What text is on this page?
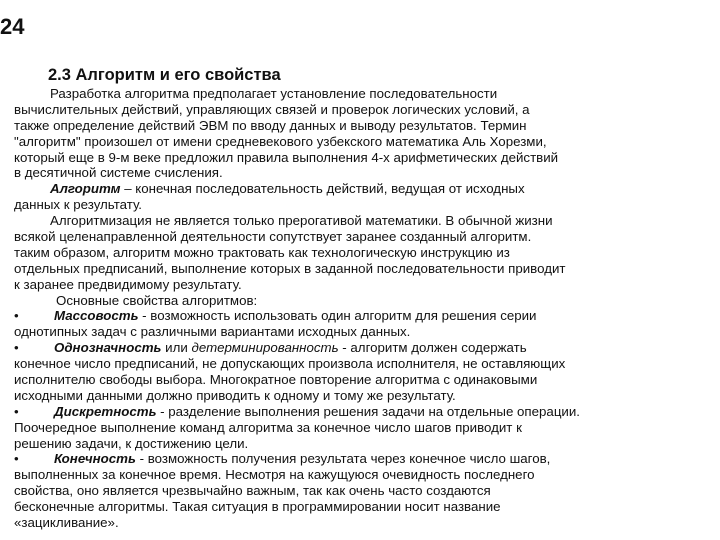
24
2.3 Алгоритм и его свойства
Разработка алгоритма предполагает установление последовательности
вычислительных действий, управляющих связей и проверок логических условий, а
также определение действий ЭВМ по вводу данных и выводу результатов. Термин
"алгоритм" произошел от имени средневекового узбекского математика Аль Хорезми,
который еще в 9-м веке предложил правила выполнения 4-х арифметических действий
в десятичной системе счисления.
Алгоритм – конечная последовательность действий, ведущая от исходных
данных к результату.
Алгоритмизация не является только прерогативой математики. В обычной жизни
всякой целенаправленной деятельности сопутствует заранее созданный алгоритм.
таким образом, алгоритм можно трактовать как технологическую инструкцию из
отдельных предписаний, выполнение которых в заданной последовательности приводит
к заранее предвидимому результату.
Основные свойства алгоритмов:
•	Массовость - возможность использовать один алгоритм для решения серии
однотипных задач с различными вариантами исходных данных.
•	Однозначность или детерминированность - алгоритм должен содержать
конечное число предписаний, не допускающих произвола исполнителя, не оставляющих
исполнителю свободы выбора. Многократное повторение алгоритма с одинаковыми
исходными данными должно приводить к одному и тому же результату.
•	Дискретность - разделение выполнения решения задачи на отдельные операции.
Поочередное выполнение команд алгоритма за конечное число шагов приводит к
решению задачи, к достижению цели.
•	Конечность - возможность получения результата через конечное число шагов,
выполненных за конечное время. Несмотря на кажущуюся очевидность последнего
свойства, оно является чрезвычайно важным, так как очень часто создаются
бесконечные алгоритмы. Такая ситуация в программировании носит название
«зацикливание».
